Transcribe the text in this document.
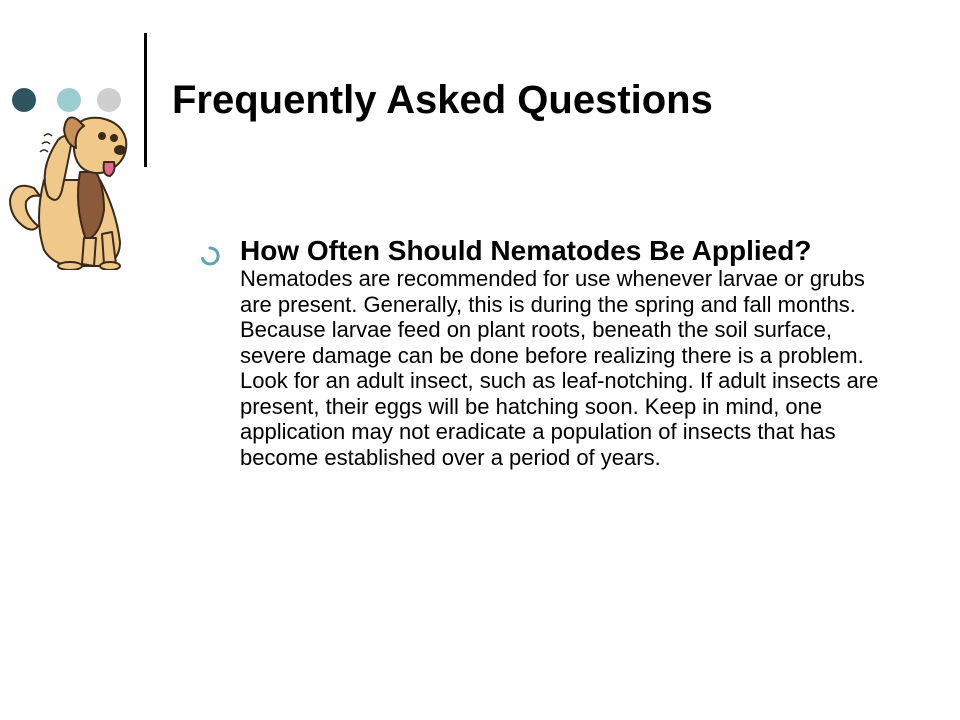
Frequently Asked Questions

How Often Should Nematodes Be Applied?

Nematodes are recommended for use whenever larvae or grubs are present. Generally, this is during the spring and fall months. Because larvae feed on plant roots, beneath the soil surface, severe damage can be done before realizing there is a problem. Look for an adult insect, such as leaf-notching. If adult insects are present, their eggs will be hatching soon. Keep in mind, one application may not eradicate a population of insects that has become established over a period of years.
